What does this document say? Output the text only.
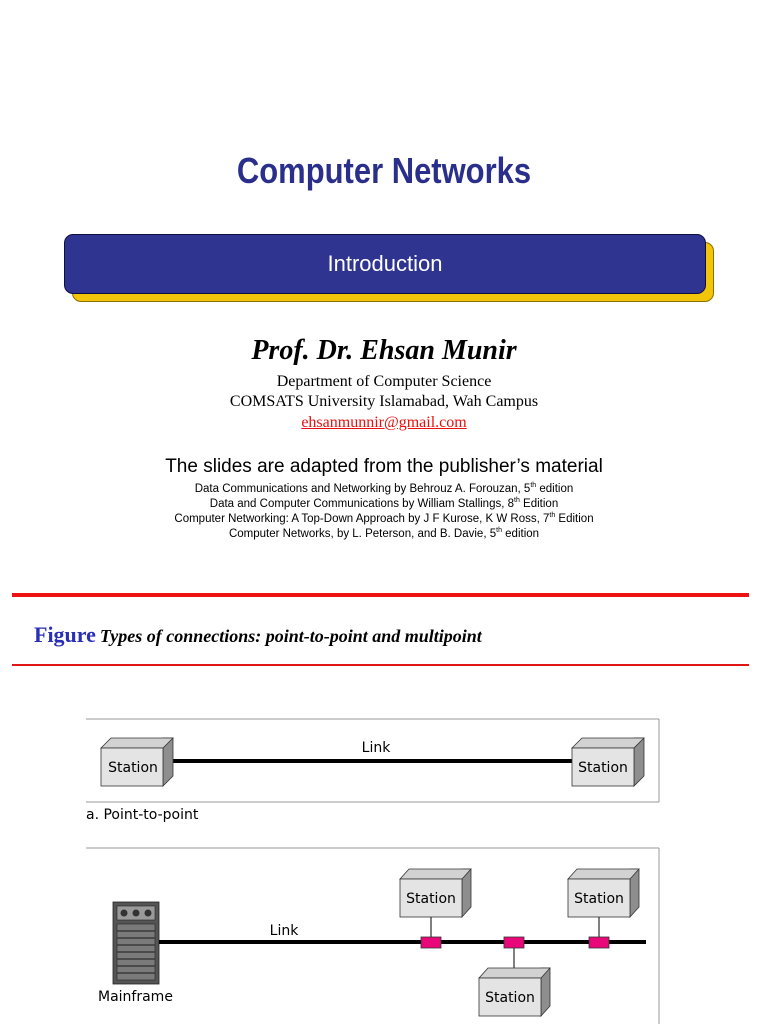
Computer Networks
Introduction
Prof. Dr. Ehsan Munir
Department of Computer Science
COMSATS University Islamabad, Wah Campus
ehsanmunnir@gmail.com
The slides are adapted from the publisher’s material
Data Communications and Networking by Behrouz A. Forouzan, 5th edition
Data and Computer Communications by William Stallings, 8th Edition
Computer Networking: A Top-Down Approach by J F Kurose, K W Ross, 7th Edition
Computer Networks, by L. Peterson, and B. Davie, 5th edition
Figure Types of connections: point-to-point and multipoint
Link
Station	Station
a. Point-to-point
Mainframe
Link
Station	Station
Station
